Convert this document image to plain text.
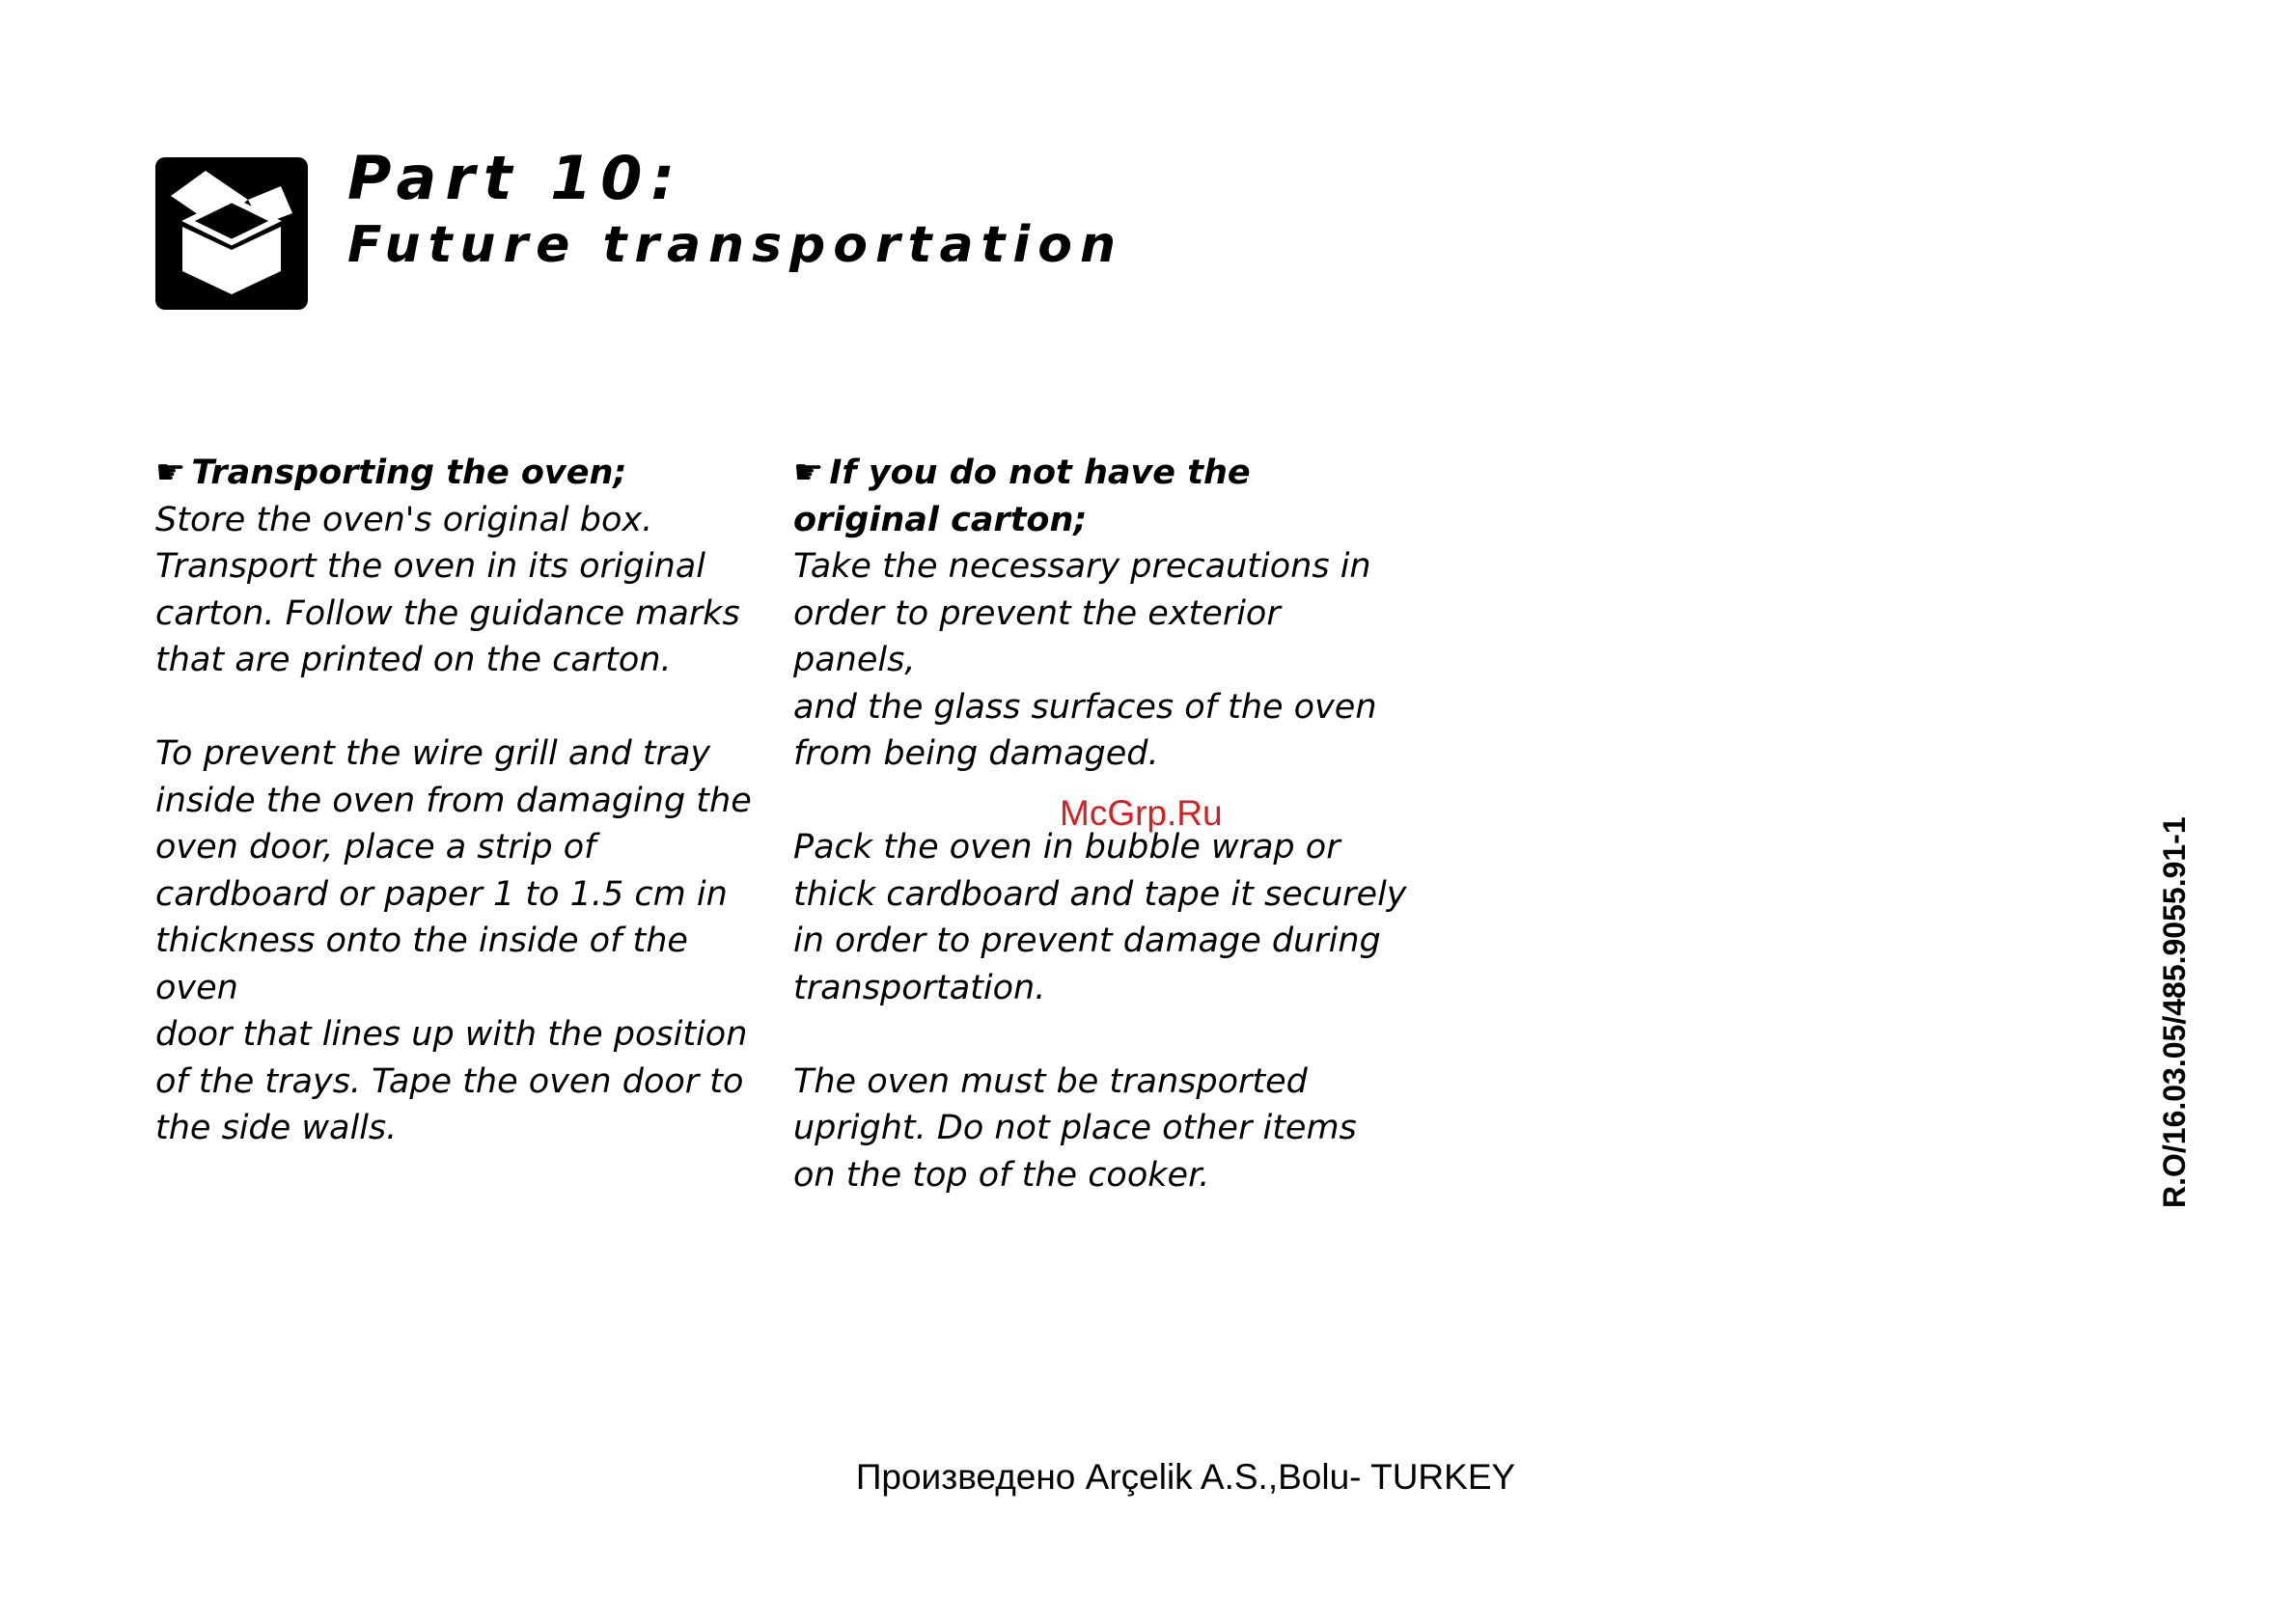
Part 10:
Future transportation

☛ Transporting the oven;

Store the oven's original box.
Transport the oven in its original
carton. Follow the guidance marks
that are printed on the carton.

To prevent the wire grill and tray
inside the oven from damaging the
oven door, place a strip of
cardboard or paper 1 to 1.5 cm in
thickness onto the inside of the oven
door that lines up with the position
of the trays. Tape the oven door to
the side walls.

☛ If you do not have the
original carton;

Take the necessary precautions in
order to prevent the exterior panels,
and the glass surfaces of the oven
from being damaged.

Pack the oven in bubble wrap or
thick cardboard and tape it securely
in order to prevent damage during
transportation.

The oven must be transported
upright. Do not place other items
on the top of the cooker.

McGrp.Ru
R.O/16.03.05/485.9055.91-1
Произведено Arçelik A.S.,Bolu- TURKEY
